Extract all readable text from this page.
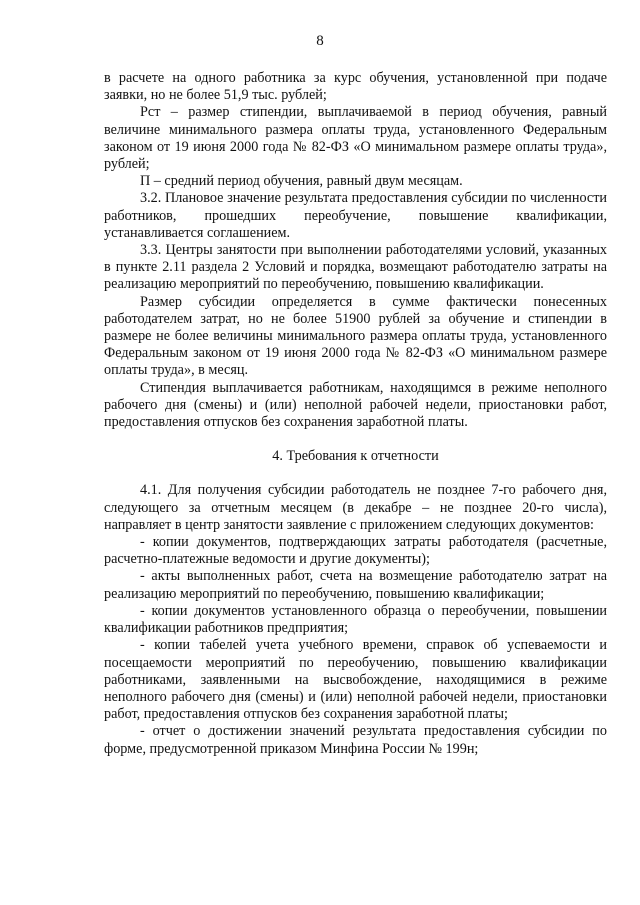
8

в расчете на одного работника за курс обучения, установленной при подаче заявки, но не более 51,9 тыс. рублей;

Рст – размер стипендии, выплачиваемой в период обучения, равный величине минимального размера оплаты труда, установленного Федеральным законом от 19 июня 2000 года № 82-ФЗ «О минимальном размере оплаты труда», рублей;

П – средний период обучения, равный двум месяцам.

3.2. Плановое значение результата предоставления субсидии по численности работников, прошедших переобучение, повышение квалификации, устанавливается соглашением.

3.3. Центры занятости при выполнении работодателями условий, указанных в пункте 2.11 раздела 2 Условий и порядка, возмещают работодателю затраты на реализацию мероприятий по переобучению, повышению квалификации.

Размер субсидии определяется в сумме фактически понесенных работодателем затрат, но не более 51900 рублей за обучение и стипендии в размере не более величины минимального размера оплаты труда, установленного Федеральным законом от 19 июня 2000 года № 82-ФЗ «О минимальном размере оплаты труда», в месяц.

Стипендия выплачивается работникам, находящимся в режиме неполного рабочего дня (смены) и (или) неполной рабочей недели, приостановки работ, предоставления отпусков без сохранения заработной платы.

4. Требования к отчетности

4.1. Для получения субсидии работодатель не позднее 7-го рабочего дня, следующего за отчетным месяцем (в декабре – не позднее 20-го числа), направляет в центр занятости заявление с приложением следующих документов:

- копии документов, подтверждающих затраты работодателя (расчетные, расчетно-платежные ведомости и другие документы);

- акты выполненных работ, счета на возмещение работодателю затрат на реализацию мероприятий по переобучению, повышению квалификации;

- копии документов установленного образца о переобучении, повышении квалификации работников предприятия;

- копии табелей учета учебного времени, справок об успеваемости и посещаемости мероприятий по переобучению, повышению квалификации работниками, заявленными на высвобождение, находящимися в режиме неполного рабочего дня (смены) и (или) неполной рабочей недели, приостановки работ, предоставления отпусков без сохранения заработной платы;

- отчет о достижении значений результата предоставления субсидии по форме, предусмотренной приказом Минфина России № 199н;
